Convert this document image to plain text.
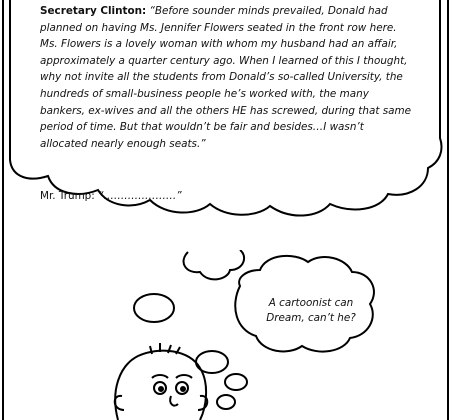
Secretary Clinton: “Before sounder minds prevailed, Donald had planned on having Ms. Jennifer Flowers seated in the front row here. Ms. Flowers is a lovely woman with whom my husband had an affair, approximately a quarter century ago. When I learned of this I thought, why not invite all the students from Donald’s so-called University, the hundreds of small-business people he’s worked with, the many bankers, ex-wives and all the others HE has screwed, during that same period of time. But that wouldn’t be fair and besides…I wasn’t allocated nearly enough seats.”
Mr. Trump: “…………………”
A cartoonist can Dream, can’t he?
